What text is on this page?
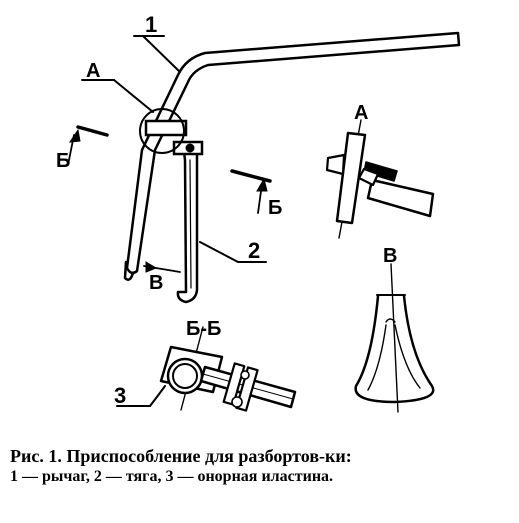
1
А
А
Б
Б
2
В
В
Б-Б
3
Рис. 1. Приспособление для разбортов-ки:
1 — рычаг, 2 — тяга, 3 — онорная иластина.
